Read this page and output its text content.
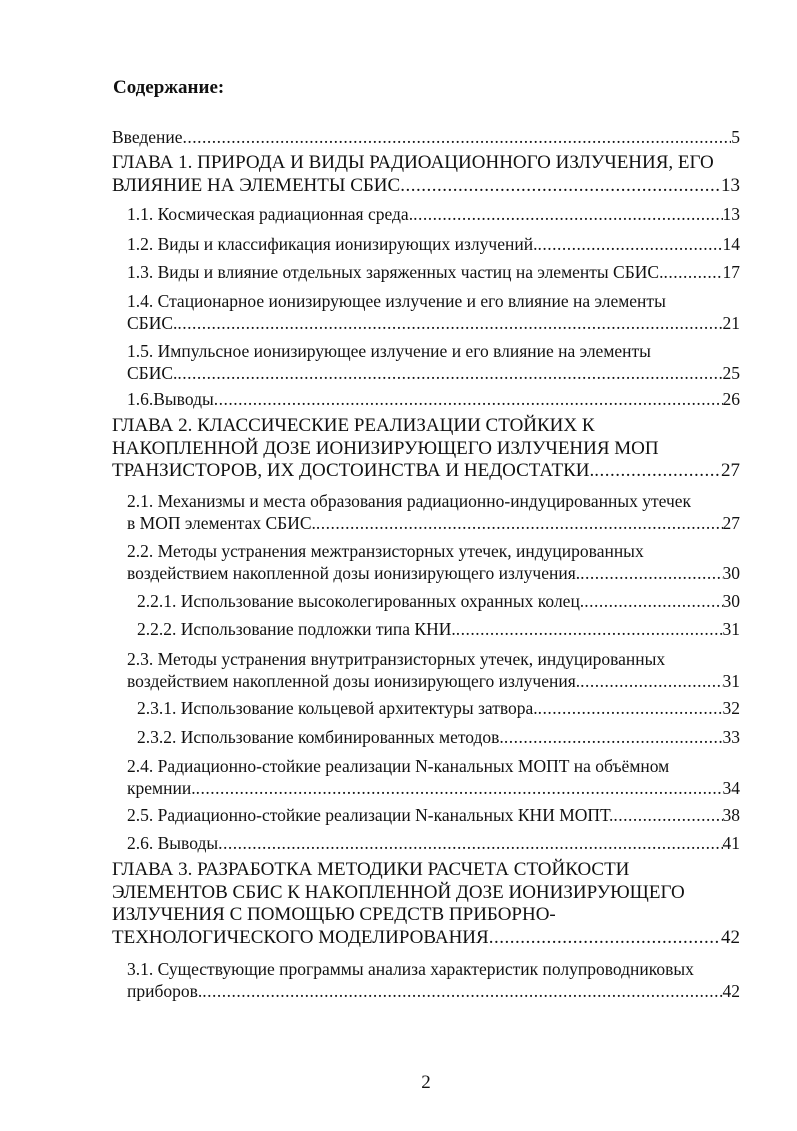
Содержание:
Введение .....	5
ГЛАВА 1. ПРИРОДА И ВИДЫ РАДИОАЦИОННОГО ИЗЛУЧЕНИЯ, ЕГО
ВЛИЯНИЕ НА ЭЛЕМЕНТЫ СБИС .....	13
1.1. Космическая радиационная среда. .....	13
1.2. Виды и классификация ионизирующих излучений. .....	14
1.3. Виды и влияние отдельных заряженных частиц на элементы СБИС. .....	17
1.4. Стационарное ионизирующее излучение и его влияние на элементы
СБИС. .....	21
1.5. Импульсное ионизирующее излучение и его влияние на элементы
СБИС. .....	25
1.6.Выводы .....	26
ГЛАВА 2. КЛАССИЧЕСКИЕ РЕАЛИЗАЦИИ СТОЙКИХ К
НАКОПЛЕННОЙ ДОЗЕ ИОНИЗИРУЮЩЕГО ИЗЛУЧЕНИЯ МОП
ТРАНЗИСТОРОВ, ИХ ДОСТОИНСТВА И НЕДОСТАТКИ. .....	27
2.1. Механизмы и места образования радиационно-индуцированных утечек
в МОП элементах СБИС. .....	27
2.2. Методы устранения межтранзисторных утечек, индуцированных
воздействием накопленной дозы ионизирующего излучения. .....	30
2.2.1. Использование высоколегированных охранных колец. .....	30
2.2.2. Использование подложки типа КНИ. .....	31
2.3. Методы устранения внутритранзисторных утечек, индуцированных
воздействием накопленной дозы ионизирующего излучения. .....	31
2.3.1. Использование кольцевой архитектуры затвора. .....	32
2.3.2. Использование комбинированных методов. .....	33
2.4. Радиационно-стойкие реализации N-канальных МОПТ на объёмном
кремнии. .....	34
2.5. Радиационно-стойкие реализации N-канальных КНИ МОПТ. .....	38
2.6. Выводы .....	41
ГЛАВА 3. РАЗРАБОТКА МЕТОДИКИ РАСЧЕТА СТОЙКОСТИ
ЭЛЕМЕНТОВ СБИС К НАКОПЛЕННОЙ ДОЗЕ ИОНИЗИРУЮЩЕГО
ИЗЛУЧЕНИЯ С ПОМОЩЬЮ СРЕДСТВ ПРИБОРНО-
ТЕХНОЛОГИЧЕСКОГО МОДЕЛИРОВАНИЯ .....	42
3.1. Существующие программы анализа характеристик полупроводниковых
приборов. .....	42
2
